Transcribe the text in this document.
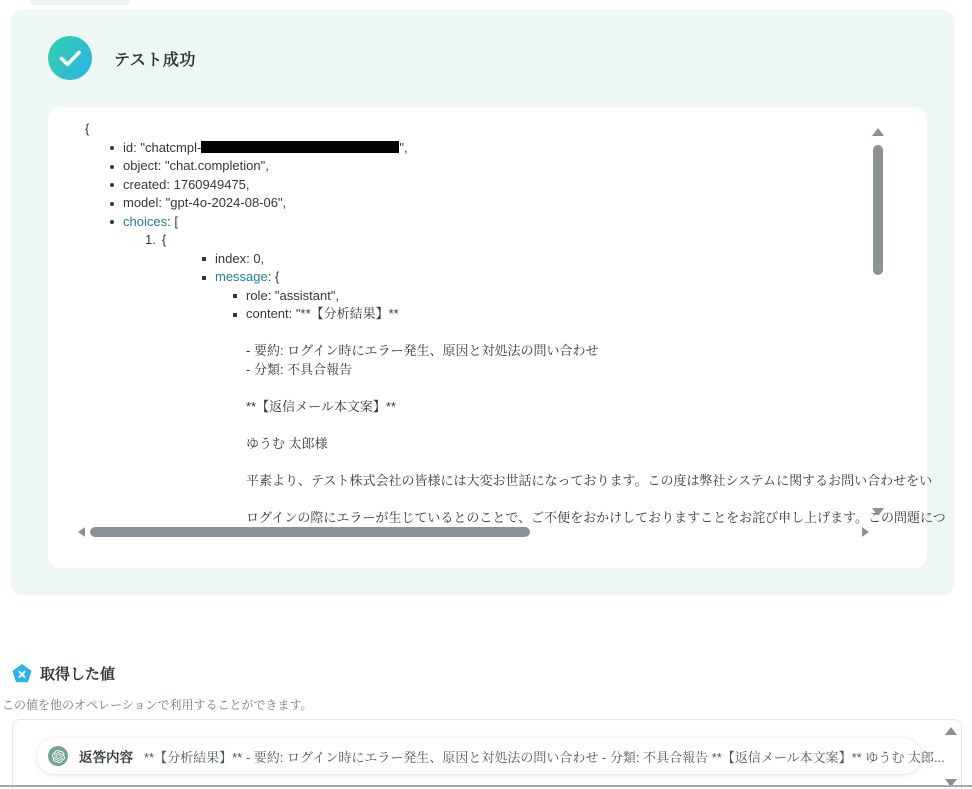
テスト成功
{
id: "chatcmpl-	",
object: "chat.completion",
created: 1760949475,
model: "gpt-4o-2024-08-06",
choices: [
1. {
index: 0,
message: {
role: "assistant",
content: "**【分析結果】**
- 要約: ログイン時にエラー発生、原因と対処法の問い合わせ
- 分類: 不具合報告
**【返信メール本文案】**
ゆうむ 太郎様
平素より、テスト株式会社の皆様には大変お世話になっております。この度は弊社システムに関するお問い合わせをい
ログインの際にエラーが生じているとのことで、ご不便をおかけしておりますことをお詫び申し上げます。この問題につ
取得した値
この値を他のオペレーションで利用することができます。
返答内容 **【分析結果】** - 要約: ログイン時にエラー発生、原因と対処法の問い合わせ - 分類: 不具合報告 **【返信メール本文案】** ゆうむ 太郎...
